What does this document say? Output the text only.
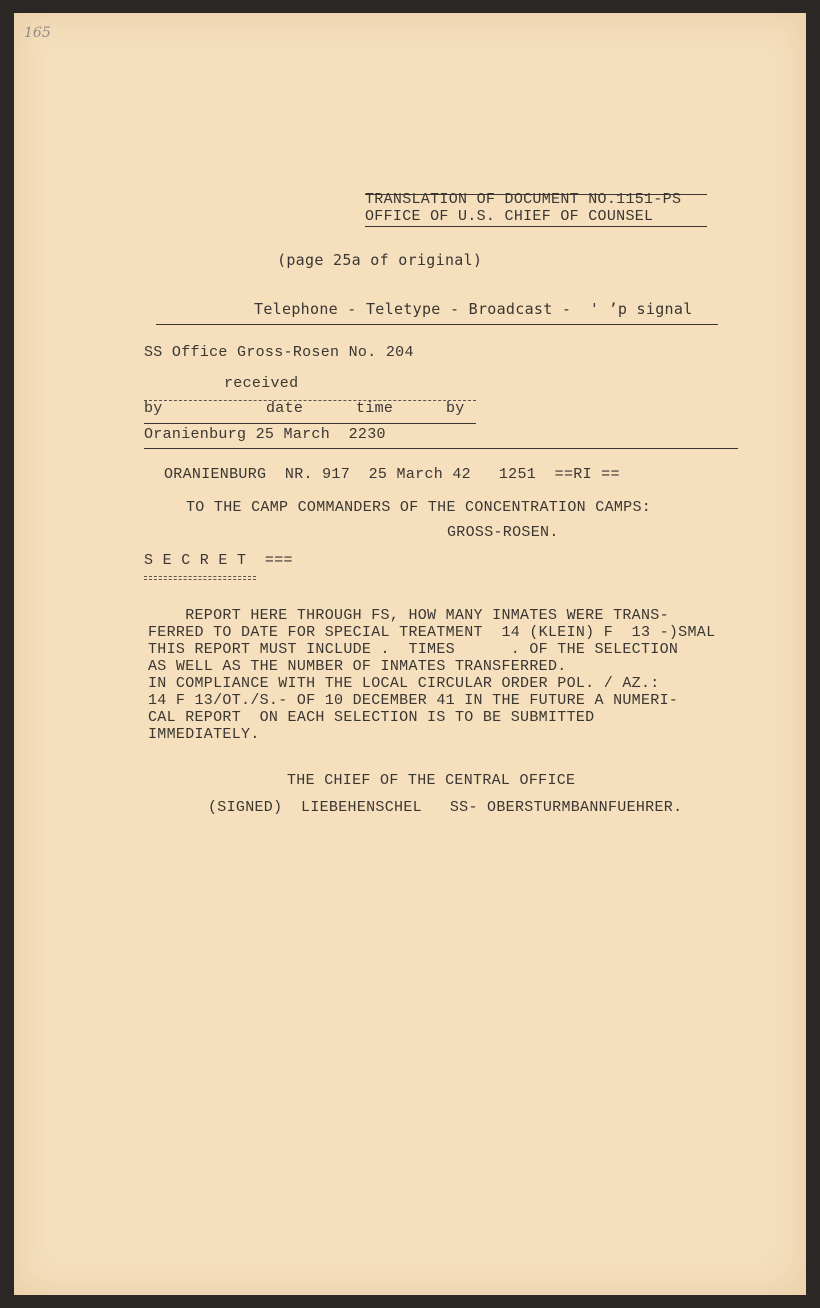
165
TRANSLATION OF DOCUMENT NO.1151-PS
OFFICE OF U.S. CHIEF OF COUNSEL
(page 25a of original)
Telephone - Teletype - Broadcast -  ' ’p signal
SS Office Gross-Rosen No. 204
received
by	date	time	by
Oranienburg 25 March  2230
ORANIENBURG  NR. 917  25 March 42   1251  ==RI ==
TO THE CAMP COMMANDERS OF THE CONCENTRATION CAMPS:
GROSS-ROSEN.
S E C R E T  ===
REPORT HERE THROUGH FS, HOW MANY INMATES WERE TRANS-
FERRED TO DATE FOR SPECIAL TREATMENT  14 (KLEIN) F  13 -)SMAL
THIS REPORT MUST INCLUDE .  TIMES      . OF THE SELECTION
AS WELL AS THE NUMBER OF INMATES TRANSFERRED.
IN COMPLIANCE WITH THE LOCAL CIRCULAR ORDER POL. / AZ.:
14 F 13/OT./S.- OF 10 DECEMBER 41 IN THE FUTURE A NUMERI-
CAL REPORT  ON EACH SELECTION IS TO BE SUBMITTED
IMMEDIATELY.
THE CHIEF OF THE CENTRAL OFFICE
(SIGNED)  LIEBEHENSCHEL   SS- OBERSTURMBANNFUEHRER.
